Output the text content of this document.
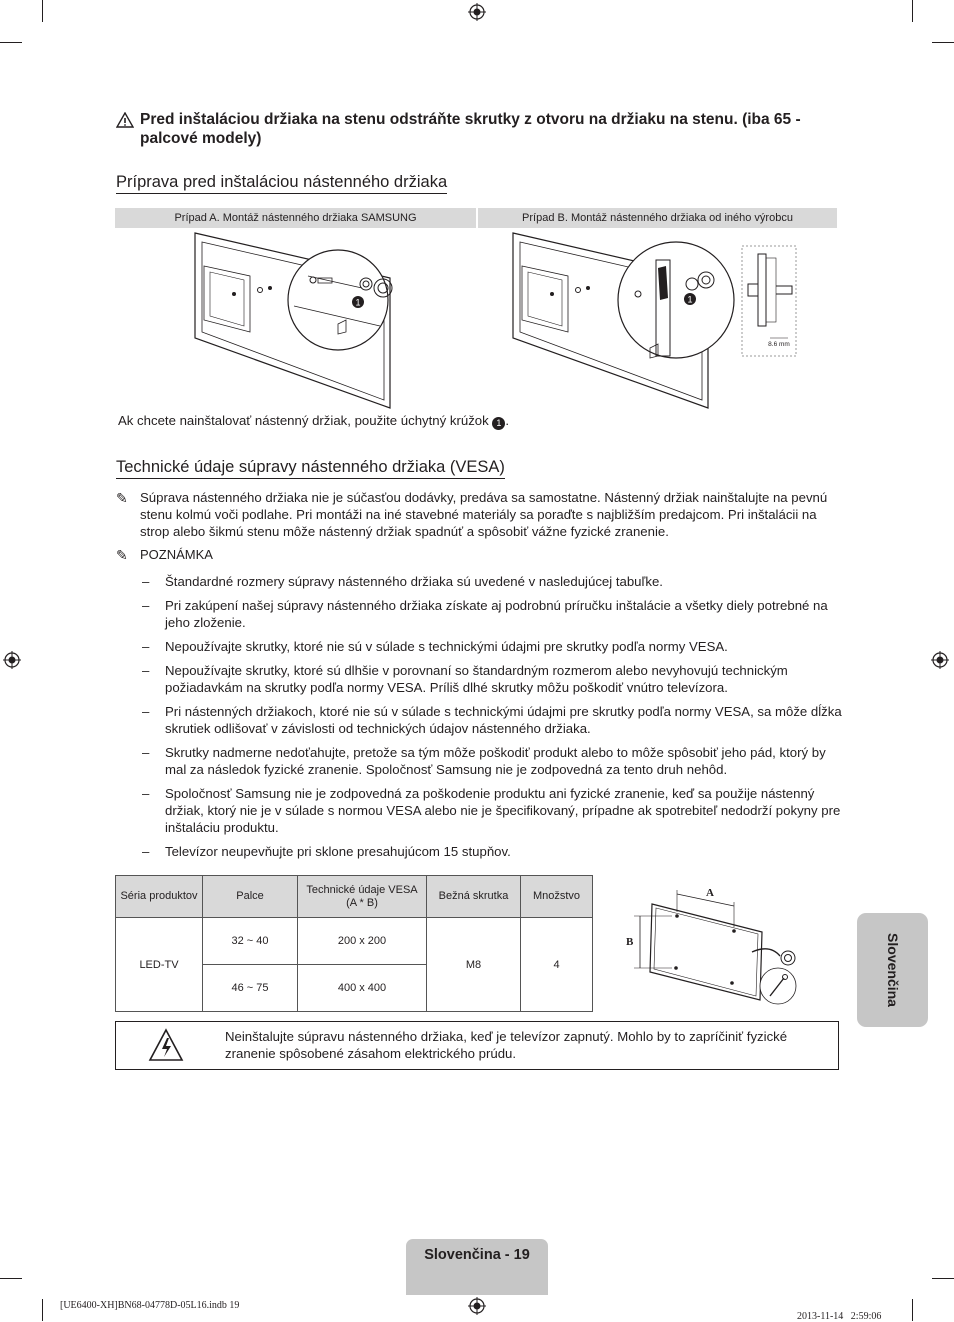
Pred inštaláciou držiaka na stenu odstráňte skrutky z otvoru na držiaku na stenu. (iba 65 -palcové modely)
Príprava pred inštaláciou nástenného držiaka
Prípad A. Montáž nástenného držiaka SAMSUNG	Prípad B. Montáž nástenného držiaka od iného výrobcu
1	1
8.6 mm
Ak chcete nainštalovať nástenný držiak, použite úchytný krúžok 1 .
Technické údaje súpravy nástenného držiaka (VESA)
✎ Súprava nástenného držiaka nie je súčasťou dodávky, predáva sa samostatne. Nástenný držiak nainštalujte na pevnú stenu kolmú voči podlahe. Pri montáži na iné stavebné materiály sa poraďte s najbližším predajcom. Pri inštalácii na strop alebo šikmú stenu môže nástenný držiak spadnúť a spôsobiť vážne fyzické zranenie.
✎ POZNÁMKA
– Štandardné rozmery súpravy nástenného držiaka sú uvedené v nasledujúcej tabuľke.
– Pri zakúpení našej súpravy nástenného držiaka získate aj podrobnú príručku inštalácie a všetky diely potrebné na jeho zloženie.
– Nepoužívajte skrutky, ktoré nie sú v súlade s technickými údajmi pre skrutky podľa normy VESA.
– Nepoužívajte skrutky, ktoré sú dlhšie v porovnaní so štandardným rozmerom alebo nevyhovujú technickým požiadavkám na skrutky podľa normy VESA. Príliš dlhé skrutky môžu poškodiť vnútro televízora.
– Pri nástenných držiakoch, ktoré nie sú v súlade s technickými údajmi pre skrutky podľa normy VESA, sa môže dĺžka skrutiek odlišovať v závislosti od technických údajov nástenného držiaka.
– Skrutky nadmerne nedoťahujte, pretože sa tým môže poškodiť produkt alebo to môže spôsobiť jeho pád, ktorý by mal za následok fyzické zranenie. Spoločnosť Samsung nie je zodpovedná za tento druh nehôd.
– Spoločnosť Samsung nie je zodpovedná za poškodenie produktu ani fyzické zranenie, keď sa použije nástenný držiak, ktorý nie je v súlade s normou VESA alebo nie je špecifikovaný, prípadne ak spotrebiteľ nedodrží pokyny pre inštaláciu produktu.
– Televízor neupevňujte pri sklone presahujúcom 15 stupňov.
Séria produktov	Palce	Technické údaje VESA (A * B)	Bežná skrutka	Množstvo
LED-TV	32 ~ 40	200 x 200	M8	4
	46 ~ 75	400 x 400		
A
B
Neinštalujte súpravu nástenného držiaka, keď je televízor zapnutý. Mohlo by to zapríčiniť fyzické zranenie spôsobené zásahom elektrického prúdu.
Slovenčina
Slovenčina - 19
[UE6400-XH]BN68-04778D-05L16.indb 19

2013-11-14   2:59:06
